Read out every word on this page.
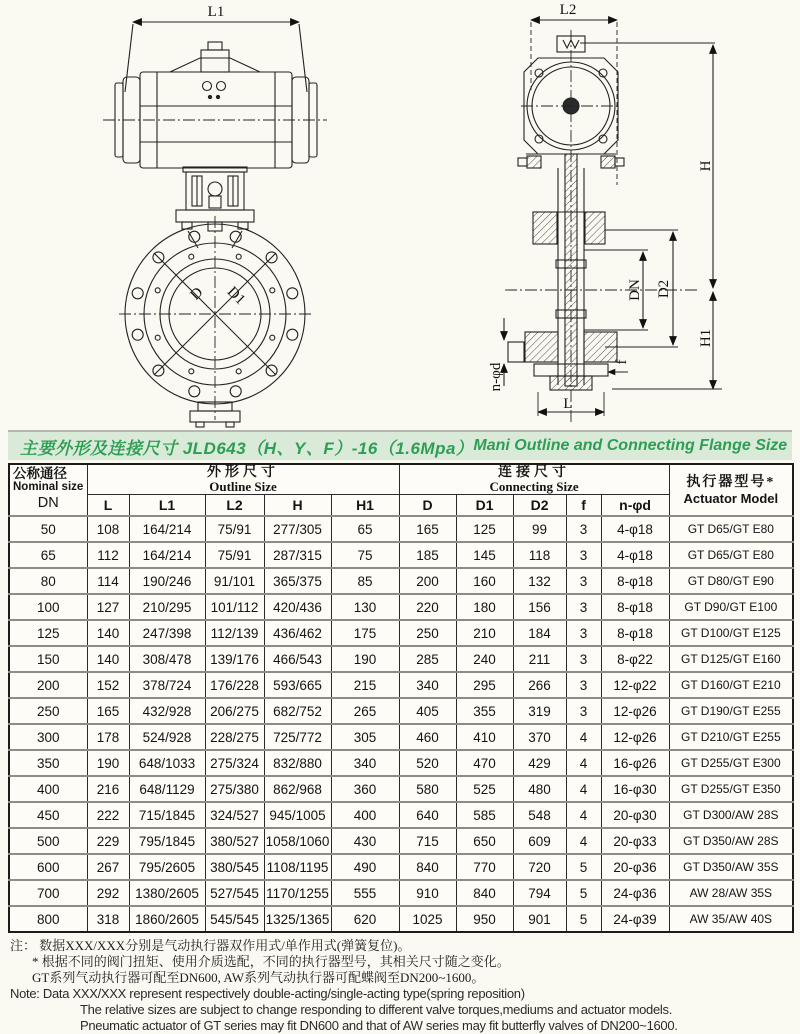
L1
D D1
L2
H
H1
DN D2
n-φd
f
L
主要外形及连接尺寸 JLD643（H、Y、F）-16（1.6Mpa） Mani Outline and Connecting Flange Size
公称通径
Nominal size
DN

外形尺寸
Outline Size

连接尺寸
Connecting Size	执行器型号*
Actuator Model

	L	L1	L2	H	H1	D	D1	D2	f	n-φd	
50	108	164/214	75/91	277/305	65	165	125	99	3	4-φ18	GT D65/GT E80
65	112	164/214	75/91	287/315	75	185	145	118	3	4-φ18	GT D65/GT E80
80	114	190/246	91/101	365/375	85	200	160	132	3	8-φ18	GT D80/GT E90
100	127	210/295	101/112	420/436	130	220	180	156	3	8-φ18	GT D90/GT E100
125	140	247/398	112/139	436/462	175	250	210	184	3	8-φ18	GT D100/GT E125
150	140	308/478	139/176	466/543	190	285	240	211	3	8-φ22	GT D125/GT E160
200	152	378/724	176/228	593/665	215	340	295	266	3	12-φ22	GT D160/GT E210
250	165	432/928	206/275	682/752	265	405	355	319	3	12-φ26	GT D190/GT E255
300	178	524/928	228/275	725/772	305	460	410	370	4	12-φ26	GT D210/GT E255
350	190	648/1033	275/324	832/880	340	520	470	429	4	16-φ26	GT D255/GT E300
400	216	648/1129	275/380	862/968	360	580	525	480	4	16-φ30	GT D255/GT E350
450	222	715/1845	324/527	945/1005	400	640	585	548	4	20-φ30	GT D300/AW 28S
500	229	795/1845	380/527	1058/1060	430	715	650	609	4	20-φ33	GT D350/AW 28S
600	267	795/2605	380/545	1108/1195	490	840	770	720	5	20-φ36	GT D350/AW 35S
700	292	1380/2605	527/545	1170/1255	555	910	840	794	5	24-φ36	AW 28/AW 35S
800	318	1860/2605	545/545	1325/1365	620	1025	950	901	5	24-φ39	AW 35/AW 40S
注： 数据XXX/XXX分别是气动执行器双作用式/单作用式(弹簧复位)。
* 根据不同的阀门扭矩、使用介质选配，不同的执行器型号，其相关尺寸随之变化。
GT系列气动执行器可配至DN600, AW系列气动执行器可配蝶阀至DN200~1600。
Note: Data XXX/XXX represent respectively double-acting/single-acting type(spring reposition)
The relative sizes are subject to change responding to different valve torques,mediums and actuator models.
Pneumatic actuator of GT series may fit DN600 and that of AW series may fit butterfly valves of DN200~1600.
